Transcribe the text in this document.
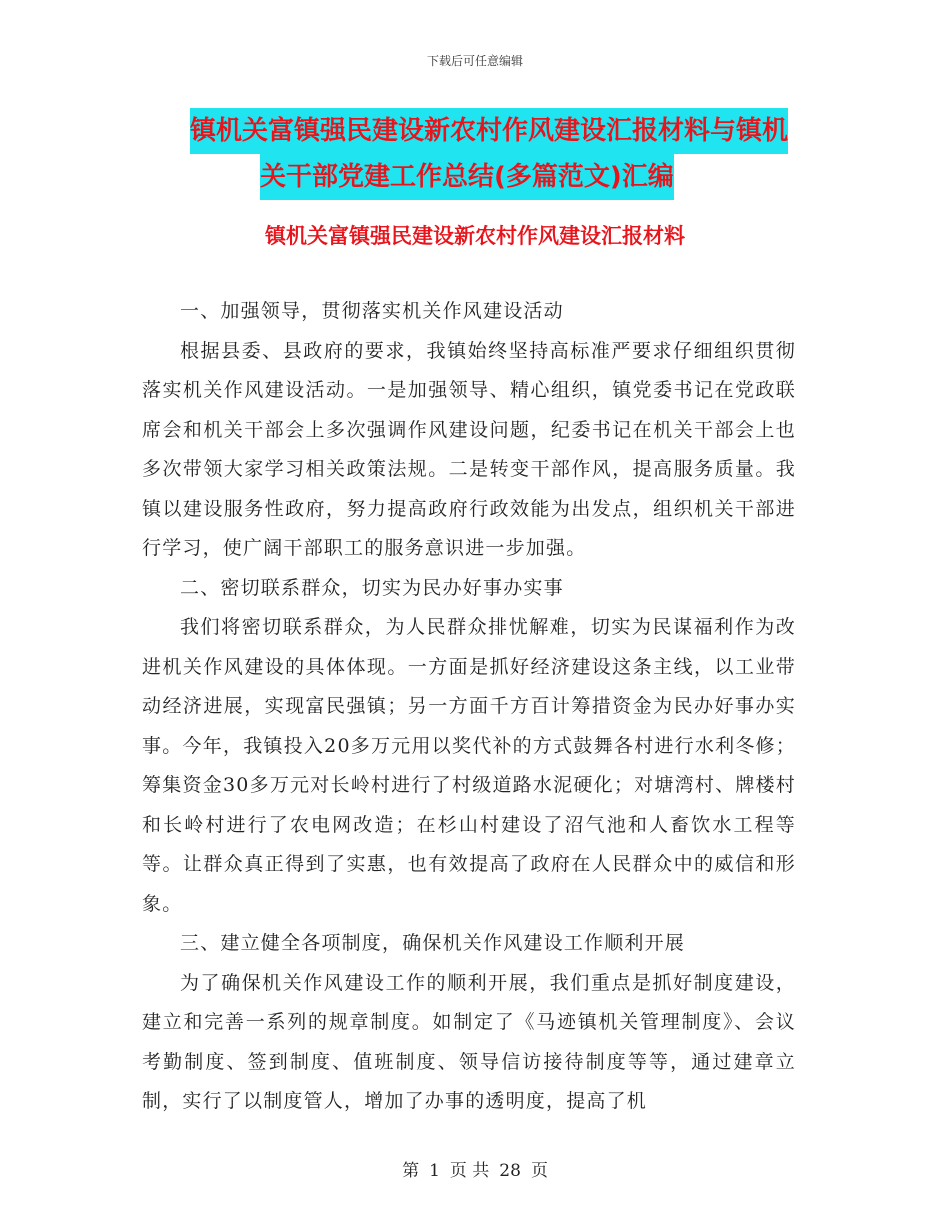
下载后可任意编辑
镇机关富镇强民建设新农村作风建设汇报材料与镇机
关干部党建工作总结(多篇范文)汇编
镇机关富镇强民建设新农村作风建设汇报材料

一、加强领导，贯彻落实机关作风建设活动

根据县委、县政府的要求，我镇始终坚持高标准严要求仔细组织贯彻落实机关作风建设活动。一是加强领导、精心组织，镇党委书记在党政联席会和机关干部会上多次强调作风建设问题，纪委书记在机关干部会上也多次带领大家学习相关政策法规。二是转变干部作风，提高服务质量。我镇以建设服务性政府，努力提高政府行政效能为出发点，组织机关干部进行学习，使广阔干部职工的服务意识进一步加强。

二、密切联系群众，切实为民办好事办实事

我们将密切联系群众，为人民群众排忧解难，切实为民谋福利作为改进机关作风建设的具体体现。一方面是抓好经济建设这条主线，以工业带动经济进展，实现富民强镇；另一方面千方百计筹措资金为民办好事办实事。今年，我镇投入20多万元用以奖代补的方式鼓舞各村进行水利冬修；筹集资金30多万元对长岭村进行了村级道路水泥硬化；对塘湾村、牌楼村和长岭村进行了农电网改造；在杉山村建设了沼气池和人畜饮水工程等等。让群众真正得到了实惠，也有效提高了政府在人民群众中的威信和形象。

三、建立健全各项制度，确保机关作风建设工作顺利开展

为了确保机关作风建设工作的顺利开展，我们重点是抓好制度建设，建立和完善一系列的规章制度。如制定了《马迹镇机关管理制度》、会议考勤制度、签到制度、值班制度、领导信访接待制度等等，通过建章立制，实行了以制度管人，增加了办事的透明度，提高了机

第 1 页 共 28 页
